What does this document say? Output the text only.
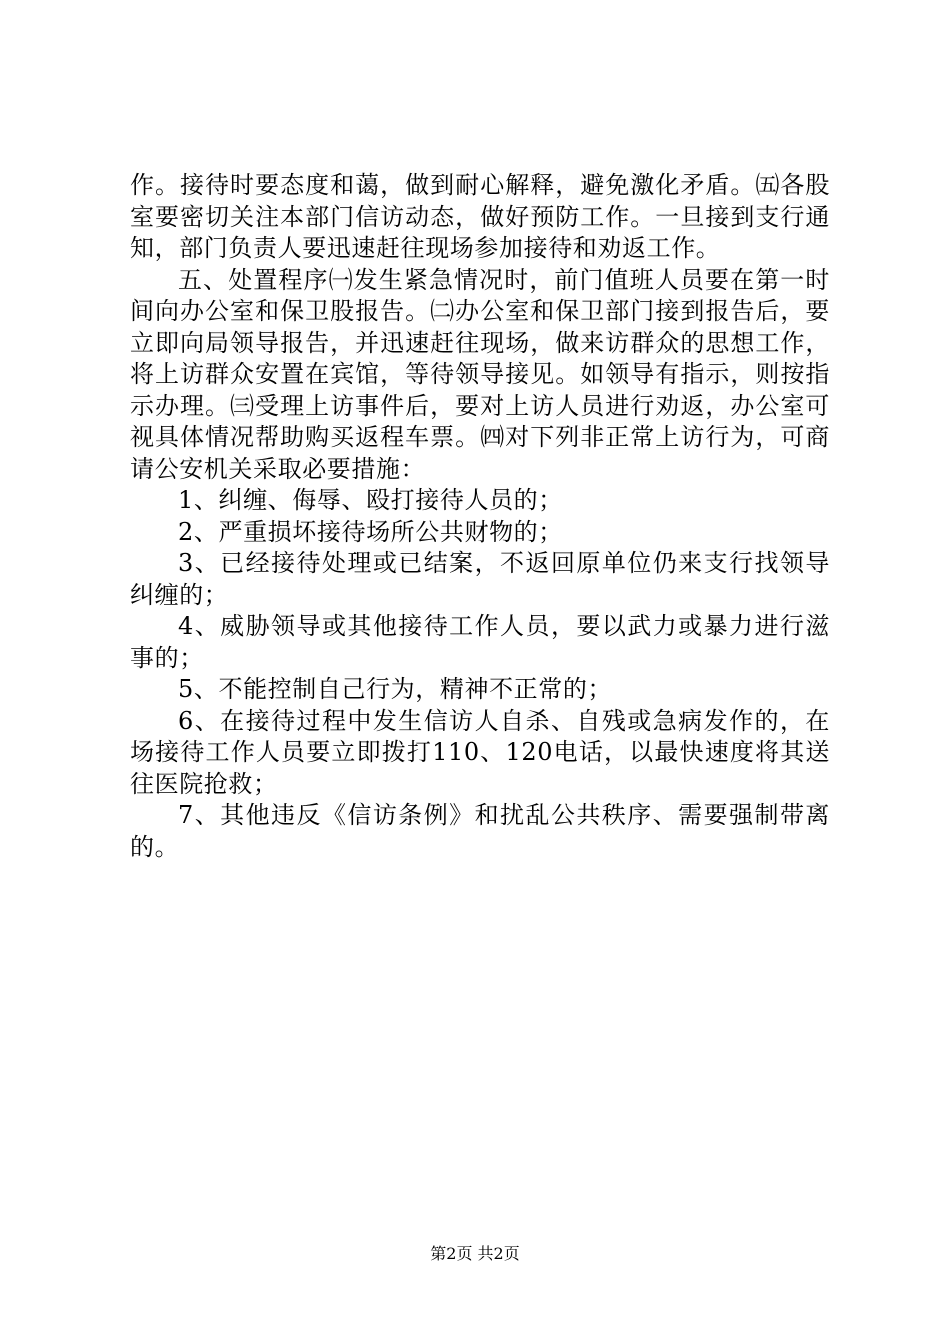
作。接待时要态度和蔼，做到耐心解释，避免激化矛盾。㈤各股室要密切关注本部门信访动态，做好预防工作。一旦接到支行通知，部门负责人要迅速赶往现场参加接待和劝返工作。

五、处置程序㈠发生紧急情况时，前门值班人员要在第一时间向办公室和保卫股报告。㈡办公室和保卫部门接到报告后，要立即向局领导报告，并迅速赶往现场，做来访群众的思想工作，将上访群众安置在宾馆，等待领导接见。如领导有指示，则按指示办理。㈢受理上访事件后，要对上访人员进行劝返，办公室可视具体情况帮助购买返程车票。㈣对下列非正常上访行为，可商请公安机关采取必要措施：

1、纠缠、侮辱、殴打接待人员的；

2、严重损坏接待场所公共财物的；

3、已经接待处理或已结案，不返回原单位仍来支行找领导纠缠的；

4、威胁领导或其他接待工作人员，要以武力或暴力进行滋事的；

5、不能控制自己行为，精神不正常的；

6、在接待过程中发生信访人自杀、自残或急病发作的，在场接待工作人员要立即拨打110、120电话，以最快速度将其送往医院抢救；

7、其他违反《信访条例》和扰乱公共秩序、需要强制带离的。

第2页 共2页
